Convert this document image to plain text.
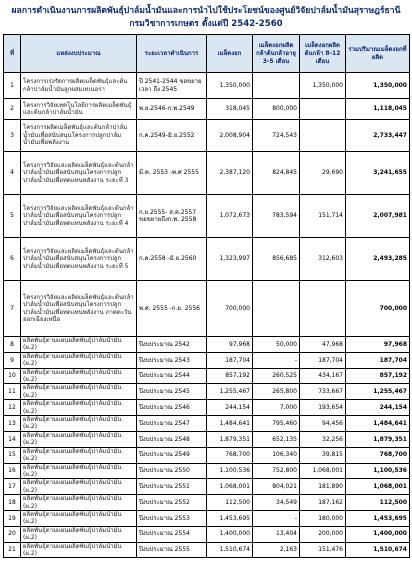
ผลการดำเนินงานการผลิตพันธุ์ปาล์มน้ำมันและการนำไปใช้ประโยชน์ของศูนย์วิจัยปาล์มน้ำมันสุราษฎร์ธานี
กรมวิชาการเกษตร ตั้งแต่ปี 2542-2560
ที่	แหล่งงบประมาณ	ระยะเวลาดำเนินการ	เมล็ดงอก	เมล็ดงอกผลิตกล้าต้นกล้าอายุ 3-5 เดือน	เมล็ดงอกผลิตต้นกล้า 8-12 เดือน	รวมปริมาณเมล็ดงอกที่ผลิต
1	โครงการเร่งรัดการผลิตเมล็ดพันธุ์และต้นกล้าปาล์มน้ำมันลูกผสมเทเนอรา	ปี 2541-2544 ขอขยายเวลา ถึง 2545	1,350,000		1,350,000	1,350,000
2	โครงการวิจัยเทคโนโลยีการผลิตเมล็ดพันธุ์และต้นกล้าปาล์มน้ำมัน	พ.ย.2546-ก.พ.2549	318,045	800,000		1,118,045
3	โครงการผลิตเมล็ดพันธุ์และต้นกล้าปาล์มน้ำมันเพื่อสนับสนุนโครงการปลูกปาล์มน้ำมันเพื่อพลังงาน	ก.ค.2549-มิ.ย.2552	2,008,904	724,543		2,733,447
4	โครงการวิจัยและผลิตเมล็ดพันธุ์และต้นกล้าปาล์มน้ำมันเพื่อสนับสนุนโครงการปลูกปาล์มน้ำมันเพื่อทดแทนพลังงาน ระยะที่ 3	มี.ค. 2553 -พ.ศ 2555	2,387,120	824,845	29,690	3,241,655
5	โครงการวิจัยและผลิตเมล็ดพันธุ์และต้นกล้าปาล์มน้ำมันเพื่อสนับสนุนโครงการปลูกปาล์มน้ำมันเพื่อทดแทนพลังงาน ระยะที่ 4	ก.ย.2555- ส.ค.2557 ขอขยายถึงก.พ. 2558	1,072,673	783,594	151,714	2,007,981
6	โครงการวิจัยและผลิตเมล็ดพันธุ์และต้นกล้าปาล์มน้ำมันเพื่อสนับสนุนโครงการปลูกปาล์มน้ำมันเพื่อทดแทนพลังงาน ระยะที่ 5	ก.ค.2558 -มิ.ย.2560	1,323,997	856,685	312,603	2,493,285
7	โครงการวิจัยและผลิตเมล็ดพันธุ์และต้นกล้าปาล์มน้ำมันเพื่อสนับสนุนโครงการปลูกปาล์มน้ำมันเพื่อทดแทนพลังงาน ภาคตะวันออกเฉียงเหนือ	พ.ศ. 2555 -ก.ย. 2556	700,000			700,000
8	ผลิตพันธุ์ตามแผนผลิตพันธุ์ปาล์มน้ำมัน (ผ.2)	ปีงบประมาณ 2542	97,968	50,000	47,968	97,968
9	ผลิตพันธุ์ตามแผนผลิตพันธุ์ปาล์มน้ำมัน (ผ.2)	ปีงบประมาณ 2543	187,704	-	187,704	187,704
10	ผลิตพันธุ์ตามแผนผลิตพันธุ์ปาล์มน้ำมัน (ผ.2)	ปีงบประมาณ 2544	857,192	260,525	434,167	857,192
11	ผลิตพันธุ์ตามแผนผลิตพันธุ์ปาล์มน้ำมัน (ผ.2)	ปีงบประมาณ 2545	1,255,467	265,800	733,667	1,255,467
12	ผลิตพันธุ์ตามแผนผลิตพันธุ์ปาล์มน้ำมัน (ผ.2)	ปีงบประมาณ 2546	244,154	7,000	193,654	244,154
13	ผลิตพันธุ์ตามแผนผลิตพันธุ์ปาล์มน้ำมัน (ผ.2)	ปีงบประมาณ 2547	1,484,641	795,460	94,456	1,484,641
14	ผลิตพันธุ์ตามแผนผลิตพันธุ์ปาล์มน้ำมัน (ผ.2)	ปีงบประมาณ 2548	1,879,351	652,135	32,256	1,879,351
15	ผลิตพันธุ์ตามแผนผลิตพันธุ์ปาล์มน้ำมัน (ผ.2)	ปีงบประมาณ 2549	768,700	106,340	39,815	768,700
16	ผลิตพันธุ์ตามแผนผลิตพันธุ์ปาล์มน้ำมัน (ผ.2)	ปีงบประมาณ 2550	1,100,536	752,800	1,068,001	1,100,536
17	ผลิตพันธุ์ตามแผนผลิตพันธุ์ปาล์มน้ำมัน (ผ.2)	ปีงบประมาณ 2551	1,068,001	804,021	181,890	1,068,001
18	ผลิตพันธุ์ตามแผนผลิตพันธุ์ปาล์มน้ำมัน (ผ.2)	ปีงบประมาณ 2552	112,500	34,549	187,162	112,500
19	ผลิตพันธุ์ตามแผนผลิตพันธุ์ปาล์มน้ำมัน (ผ.2)	ปีงบประมาณ 2553	1,453,695	-	180,000	1,453,695
20	ผลิตพันธุ์ตามแผนผลิตพันธุ์ปาล์มน้ำมัน (ผ.2)	ปีงบประมาณ 2554	1,400,000	13,404	200,000	1,400,000
21	ผลิตพันธุ์ตามแผนผลิตพันธุ์ปาล์มน้ำมัน (ผ.2)	ปีงบประมาณ 2555	1,510,674	2,163	151,476	1,510,674
